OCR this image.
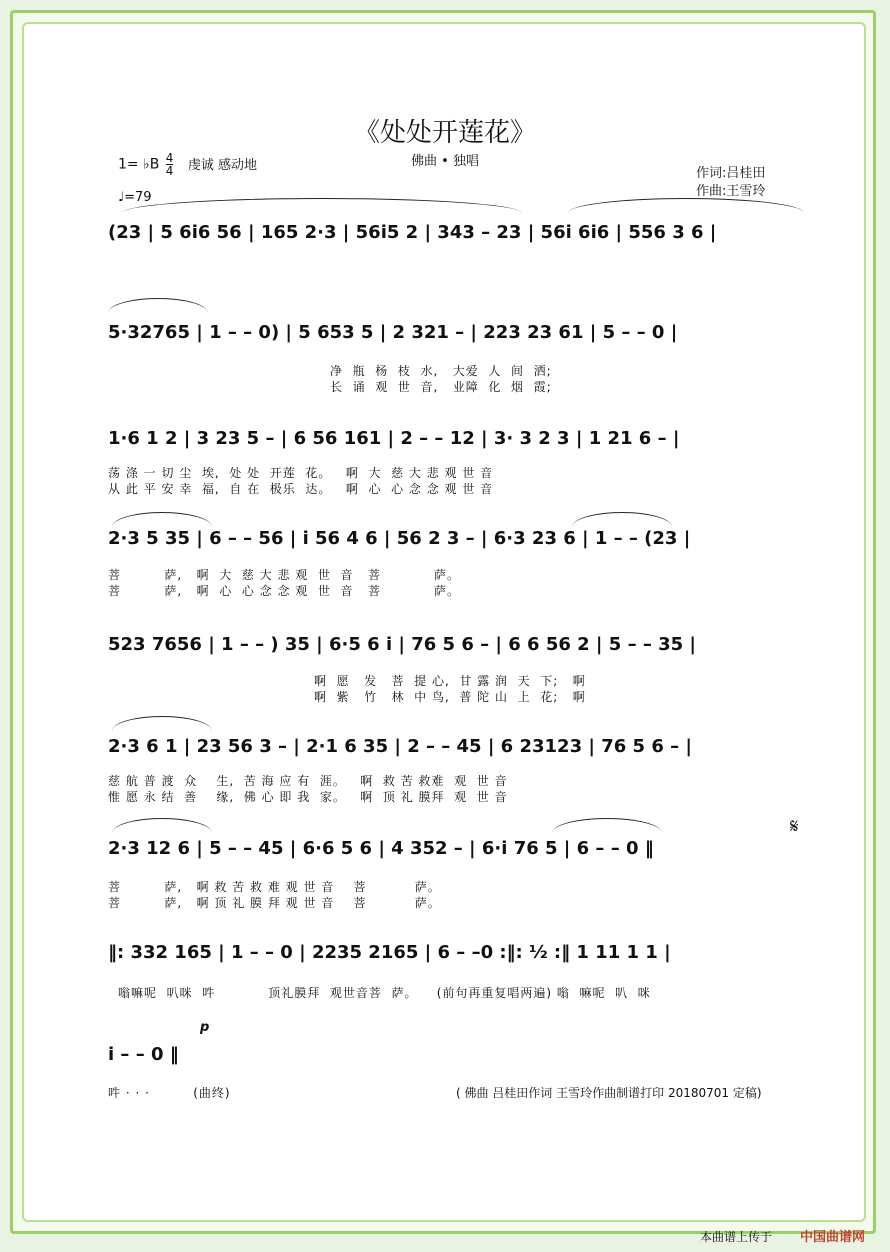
《处处开莲花》
佛曲 • 独唱
1= ♭B $\frac{4}{4}$ 虔诚 感动地
♩=79
作词:吕桂田
作曲:王雪玲
(23 | 5 6i6 56 | 165 2·3 | 56i5 2 | 343 – 23 | 56i 6i6 | 556 3 6 |
5·32765 | 1 – – 0) | 5 653 5 | 2 321 – | 223 23 61 | 5 – – 0 |
净  瓶  杨  枝  水,   大爱  人  间  洒;
长  诵  观  世  音,   业障  化  烟  霞;
1·6 1 2 | 3 23 5 – | 6 56 161 | 2 – – 12 | 3· 3 2 3 | 1 21 6 – |
荡 涤 一 切 尘  埃,  处 处  开莲  花。   啊  大  慈 大 悲 观 世 音
从 此 平 安 幸  福,  自 在  极乐  达。   啊  心  心 念 念 观 世 音
2·3 5 35 | 6 – – 56 | i 56 4 6 | 56 2 3 – | 6·3 23 6 | 1 – – (23 |
菩         萨,   啊  大  慈 大 悲 观  世  音   菩           萨。
菩         萨,   啊  心  心 念 念 观  世  音   菩           萨。
523 7656 | 1 – – ) 35 | 6·5 6 i | 76 5 6 – | 6 6 56 2 | 5 – – 35 |
啊  愿   发   菩  提 心,  甘 露 润  天  下;   啊
啊  紫   竹   林  中 鸟,  普 陀 山  上  花;   啊
2·3 6 1 | 23 56 3 – | 2·1 6 35 | 2 – – 45 | 6 23123 | 76 5 6 – |
慈 航 普 渡  众    生,  苦 海 应 有  涯。   啊  救 苦 救难  观  世 音
惟 愿 永 结  善    缘,  佛 心 即 我  家。   啊  顶 礼 膜拜  观  世 音
2·3 12 6 | 5 – – 45 | 6·6 5 6 | 4 352 – | 6·i 76 5 | 6 – – 0 ‖
𝄋
菩         萨,   啊 救 苦 救 难 观 世 音    菩          萨。
菩         萨,   啊 顶 礼 膜 拜 观 世 音    菩          萨。
‖: 332 165 | 1 – – 0 | 2235 2165 | 6 – –0 :‖: ½ :‖ 1 11 1 1 |
嗡嘛呢  叭咪  吽           顶礼膜拜  观世音菩  萨。    (前句再重复唱两遍) 嗡  嘛呢  叭  咪
p
i – – 0 ‖
吽 · · ·         (曲终)	( 佛曲 吕桂田作词 王雪玲作曲制谱打印 20180701 定稿)
本曲谱上传于 中国曲谱网
